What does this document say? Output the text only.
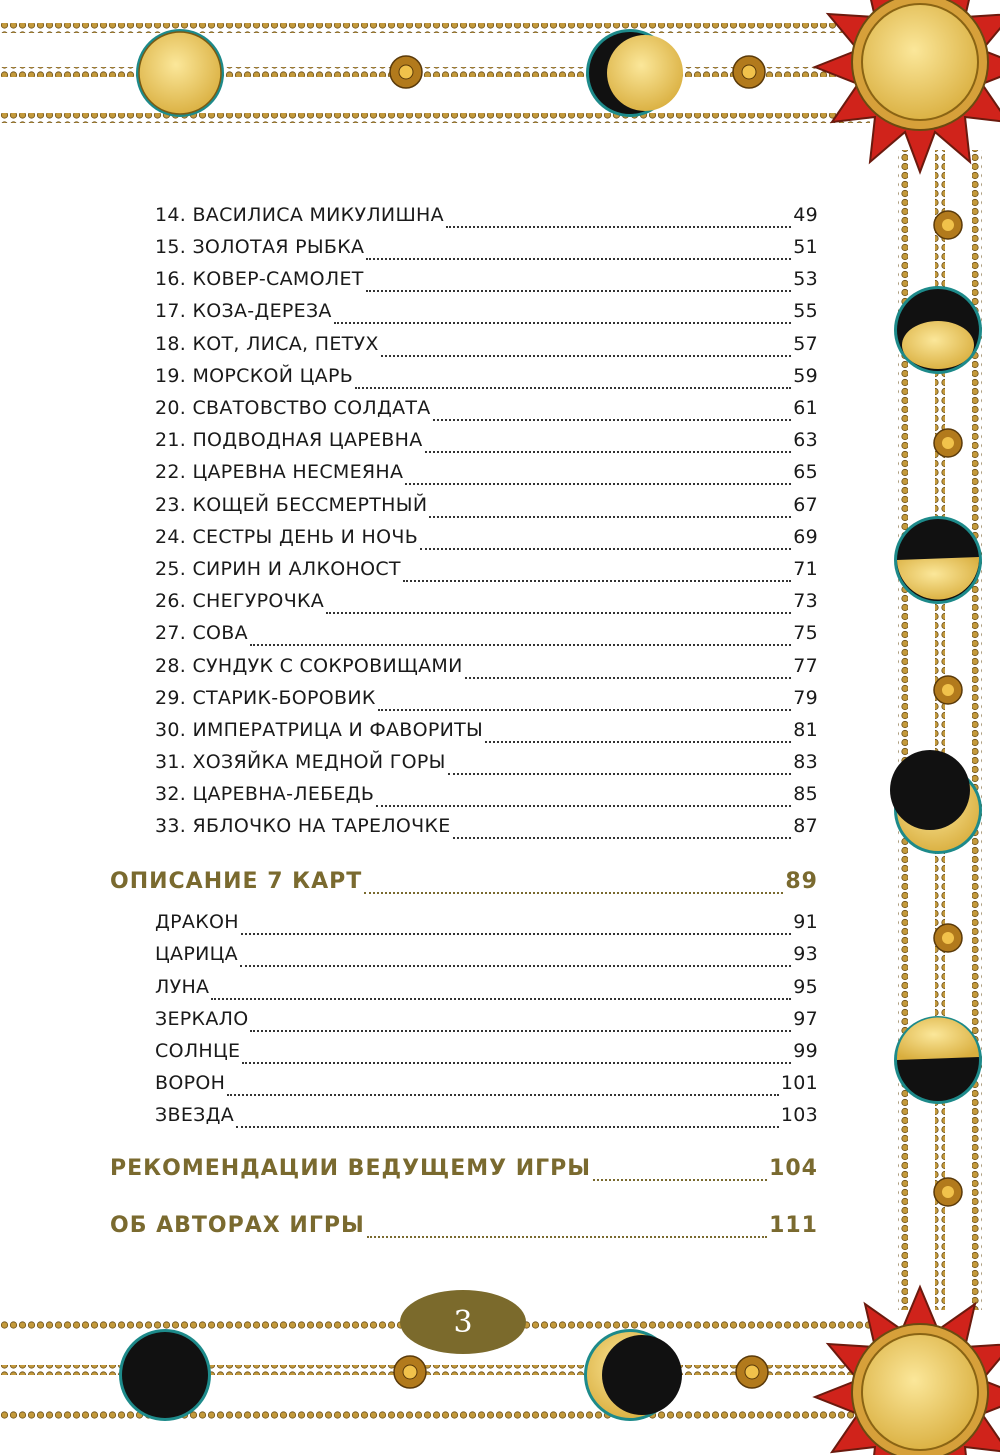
14. ВАСИЛИСА МИКУЛИШНА	49
15. ЗОЛОТАЯ РЫБКА	51
16. КОВЕР-САМОЛЕТ	53
17. КОЗА-ДЕРЕЗА	55
18. КОТ, ЛИСА, ПЕТУХ	57
19. МОРСКОЙ ЦАРЬ	59
20. СВАТОВСТВО СОЛДАТА	61
21. ПОДВОДНАЯ ЦАРЕВНА	63
22. ЦАРЕВНА НЕСМЕЯНА	65
23. КОЩЕЙ БЕССМЕРТНЫЙ	67
24. СЕСТРЫ ДЕНЬ И НОЧЬ	69
25. СИРИН И АЛКОНОСТ	71
26. СНЕГУРОЧКА	73
27. СОВА	75
28. СУНДУК С СОКРОВИЩАМИ	77
29. СТАРИК-БОРОВИК	79
30. ИМПЕРАТРИЦА И ФАВОРИТЫ	81
31. ХОЗЯЙКА МЕДНОЙ ГОРЫ	83
32. ЦАРЕВНА-ЛЕБЕДЬ	85
33. ЯБЛОЧКО НА ТАРЕЛОЧКЕ	87
ОПИСАНИЕ 7 КАРТ	89
ДРАКОН	91
ЦАРИЦА	93
ЛУНА	95
ЗЕРКАЛО	97
СОЛНЦЕ	99
ВОРОН	101
ЗВЕЗДА	103
РЕКОМЕНДАЦИИ ВЕДУЩЕМУ ИГРЫ	104
ОБ АВТОРАХ ИГРЫ	111
3
